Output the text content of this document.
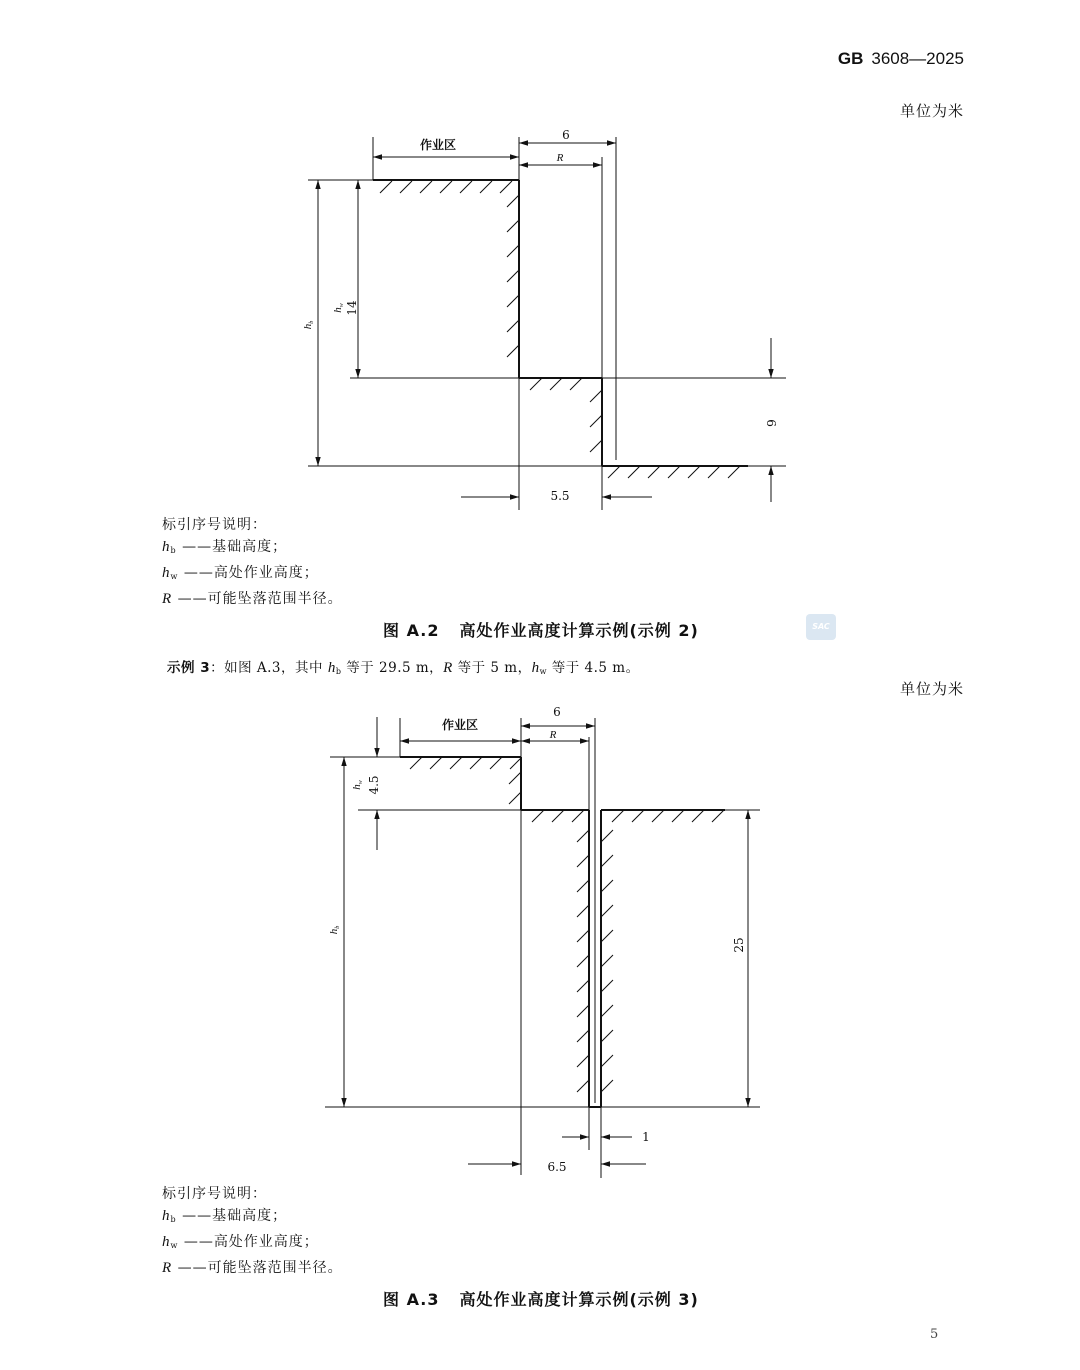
GB 3608—2025
单位为米
作业区
6
R
hb
hw 14
6
5.5
标引序号说明：
$h_b$ ——基础高度；
$h_w$ ——高处作业高度；
R ——可能坠落范围半径。
图 A.2 高处作业高度计算示例(示例 2)	SAC
示例 3：如图 A.3，其中 $h_b$ 等于 29.5 m，R 等于 5 m，$h_w$ 等于 4.5 m。
单位为米
作业区
6
R
hw 4.5
hb
25
1
6.5
标引序号说明：
$h_b$ ——基础高度；
$h_w$ ——高处作业高度；
R ——可能坠落范围半径。
图 A.3 高处作业高度计算示例(示例 3)
5
